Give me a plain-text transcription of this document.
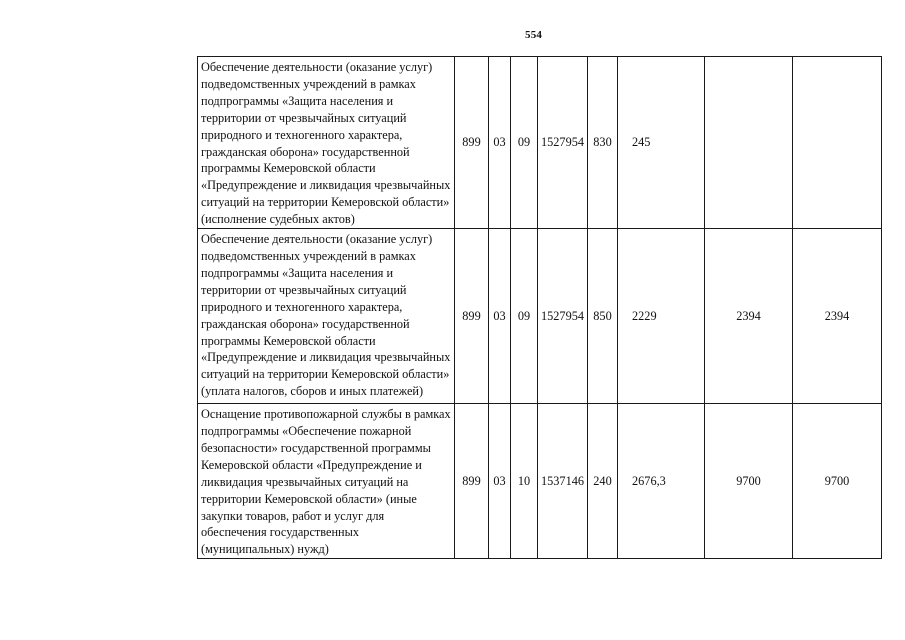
554
Обеспечение деятельности (оказание услуг) подведомственных учреждений в рамках подпрограммы «Защита населения и территории от чрезвычайных ситуаций природного и техногенного характера, гражданская оборона» государственной программы Кемеровской области «Предупреждение и ликвидация чрезвычайных ситуаций на территории Кемеровской области» (исполнение судебных актов)	899	03	09	1527954	830	245		
Обеспечение деятельности (оказание услуг) подведомственных учреждений в рамках подпрограммы «Защита населения и территории от чрезвычайных ситуаций природного и техногенного характера, гражданская оборона» государственной программы Кемеровской области «Предупреждение и ликвидация чрезвычайных ситуаций на территории Кемеровской области» (уплата налогов, сборов и иных платежей)	899	03	09	1527954	850	2229	2394	2394
Оснащение противопожарной службы в рамках подпрограммы «Обеспечение пожарной безопасности» государственной программы Кемеровской области «Предупреждение и ликвидация чрезвычайных ситуаций на территории Кемеровской области» (иные закупки товаров, работ и услуг для обеспечения государственных (муниципальных) нужд)	899	03	10	1537146	240	2676,3	9700	9700
